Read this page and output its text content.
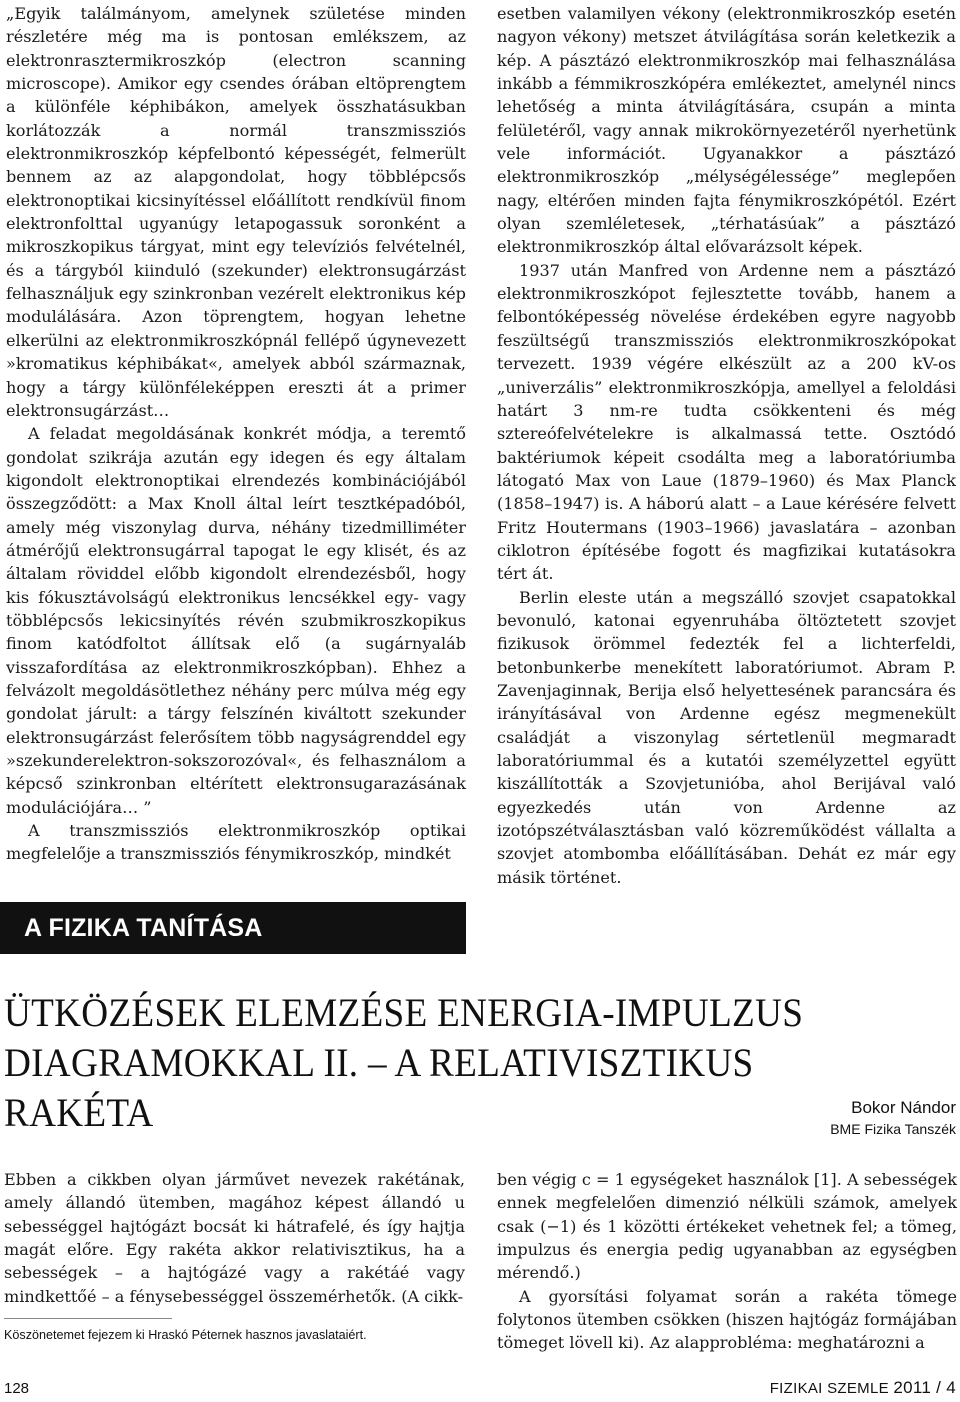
„Egyik találmányom, amelynek születése minden részletére még ma is pontosan emlékszem, az elektronrasztermikroszkóp (electron scanning microscope). Amikor egy csendes órában eltöprengtem a különféle képhibákon, amelyek összhatásukban korlátozzák a normál transzmissziós elektronmikroszkóp képfelbontó képességét, felmerült bennem az az alapgondolat, hogy többlépcsős elektronoptikai kicsinyítéssel előállított rendkívül finom elektronfolttal ugyanúgy letapogassuk soronként a mikroszkopikus tárgyat, mint egy televíziós felvételnél, és a tárgyból kiinduló (szekunder) elektronsugárzást felhasználjuk egy szinkronban vezérelt elektronikus kép modulálására. Azon töprengtem, hogyan lehetne elkerülni az elektronmikroszkópnál fellépő úgynevezett »kromatikus képhibákat«, amelyek abból származnak, hogy a tárgy különféleképpen ereszti át a primer elektronsugárzást…

A feladat megoldásának konkrét módja, a teremtő gondolat szikrája azután egy idegen és egy általam kigondolt elektronoptikai elrendezés kombinációjából összegződött: a Max Knoll által leírt tesztképadóból, amely még viszonylag durva, néhány tizedmilliméter átmérőjű elektronsugárral tapogat le egy klisét, és az általam röviddel előbb kigondolt elrendezésből, hogy kis fókusztávolságú elektronikus lencsékkel egy- vagy többlépcsős lekicsinyítés révén szubmikroszkopikus finom katódfoltot állítsak elő (a sugárnyaláb visszafordítása az elektronmikroszkópban). Ehhez a felvázolt megoldásötlethez néhány perc múlva még egy gondolat járult: a tárgy felszínén kiváltott szekunder elektronsugárzást felerősítem több nagyságrenddel egy »szekunderelektron-sokszorozóval«, és felhasználom a képcső szinkronban eltérített elektronsugarazásának modulációjára… ”

A transzmissziós elektronmikroszkóp optikai megfelelője a transzmissziós fénymikroszkóp, mindkét

esetben valamilyen vékony (elektronmikroszkóp esetén nagyon vékony) metszet átvilágítása során keletkezik a kép. A pásztázó elektronmikroszkóp mai felhasználása inkább a fémmikroszkópéra emlékeztet, amelynél nincs lehetőség a minta átvilágítására, csupán a minta felületéről, vagy annak mikrokörnyezetéről nyerhetünk vele információt. Ugyanakkor a pásztázó elektronmikroszkóp „mélységélessége” meglepően nagy, eltérően minden fajta fénymikroszkópétól. Ezért olyan szemléletesek, „térhatásúak” a pásztázó elektronmikroszkóp által elővarázsolt képek.

1937 után Manfred von Ardenne nem a pásztázó elektronmikroszkópot fejlesztette tovább, hanem a felbontóképesség növelése érdekében egyre nagyobb feszültségű transzmissziós elektronmikroszkópokat tervezett. 1939 végére elkészült az a 200 kV-os „univerzális” elektronmikroszkópja, amellyel a feloldási határt 3 nm-re tudta csökkenteni és még sztereófelvételekre is alkalmassá tette. Osztódó baktériumok képeit csodálta meg a laboratóriumba látogató Max von Laue (1879–1960) és Max Planck (1858–1947) is. A háború alatt – a Laue kérésére felvett Fritz Houtermans (1903–1966) javaslatára – azonban ciklotron építésébe fogott és magfizikai kutatásokra tért át.

Berlin eleste után a megszálló szovjet csapatokkal bevonuló, katonai egyenruhába öltöztetett szovjet fizikusok örömmel fedezték fel a lichterfeldi, betonbunkerbe menekített laboratóriumot. Abram P. Zavenjaginnak, Berija első helyettesének parancsára és irányításával von Ardenne egész megmenekült családját a viszonylag sértetlenül megmaradt laboratóriummal és a kutatói személyzettel együtt kiszállították a Szovjetunióba, ahol Berijával való egyezkedés után von Ardenne az izotópszétválasztásban való közreműködést vállalta a szovjet atombomba előállításában. Dehát ez már egy másik történet.

A FIZIKA TANÍTÁSA
ÜTKÖZÉSEK ELEMZÉSE ENERGIA-IMPULZUS
DIAGRAMOKKAL II. – A RELATIVISZTIKUS RAKÉTA	Bokor Nándor
BME Fizika Tanszék

Ebben a cikkben olyan járművet nevezek rakétának, amely állandó ütemben, magához képest állandó u sebességgel hajtógázt bocsát ki hátrafelé, és így hajtja magát előre. Egy rakéta akkor relativisztikus, ha a sebességek – a hajtógázé vagy a rakétáé vagy mindkettőé – a fénysebességgel összemérhetők. (A cikk-

ben végig c = 1 egységeket használok [1]. A sebességek ennek megfelelően dimenzió nélküli számok, amelyek csak (−1) és 1 közötti értékeket vehetnek fel; a tömeg, impulzus és energia pedig ugyanabban az egységben mérendő.)

A gyorsítási folyamat során a rakéta tömege folytonos ütemben csökken (hiszen hajtógáz formájában tömeget lövell ki). Az alapprobléma: meghatározni a

Köszönetemet fejezem ki Hraskó Péternek hasznos javaslataiért.
128	FIZIKAI SZEMLE 2011 / 4
